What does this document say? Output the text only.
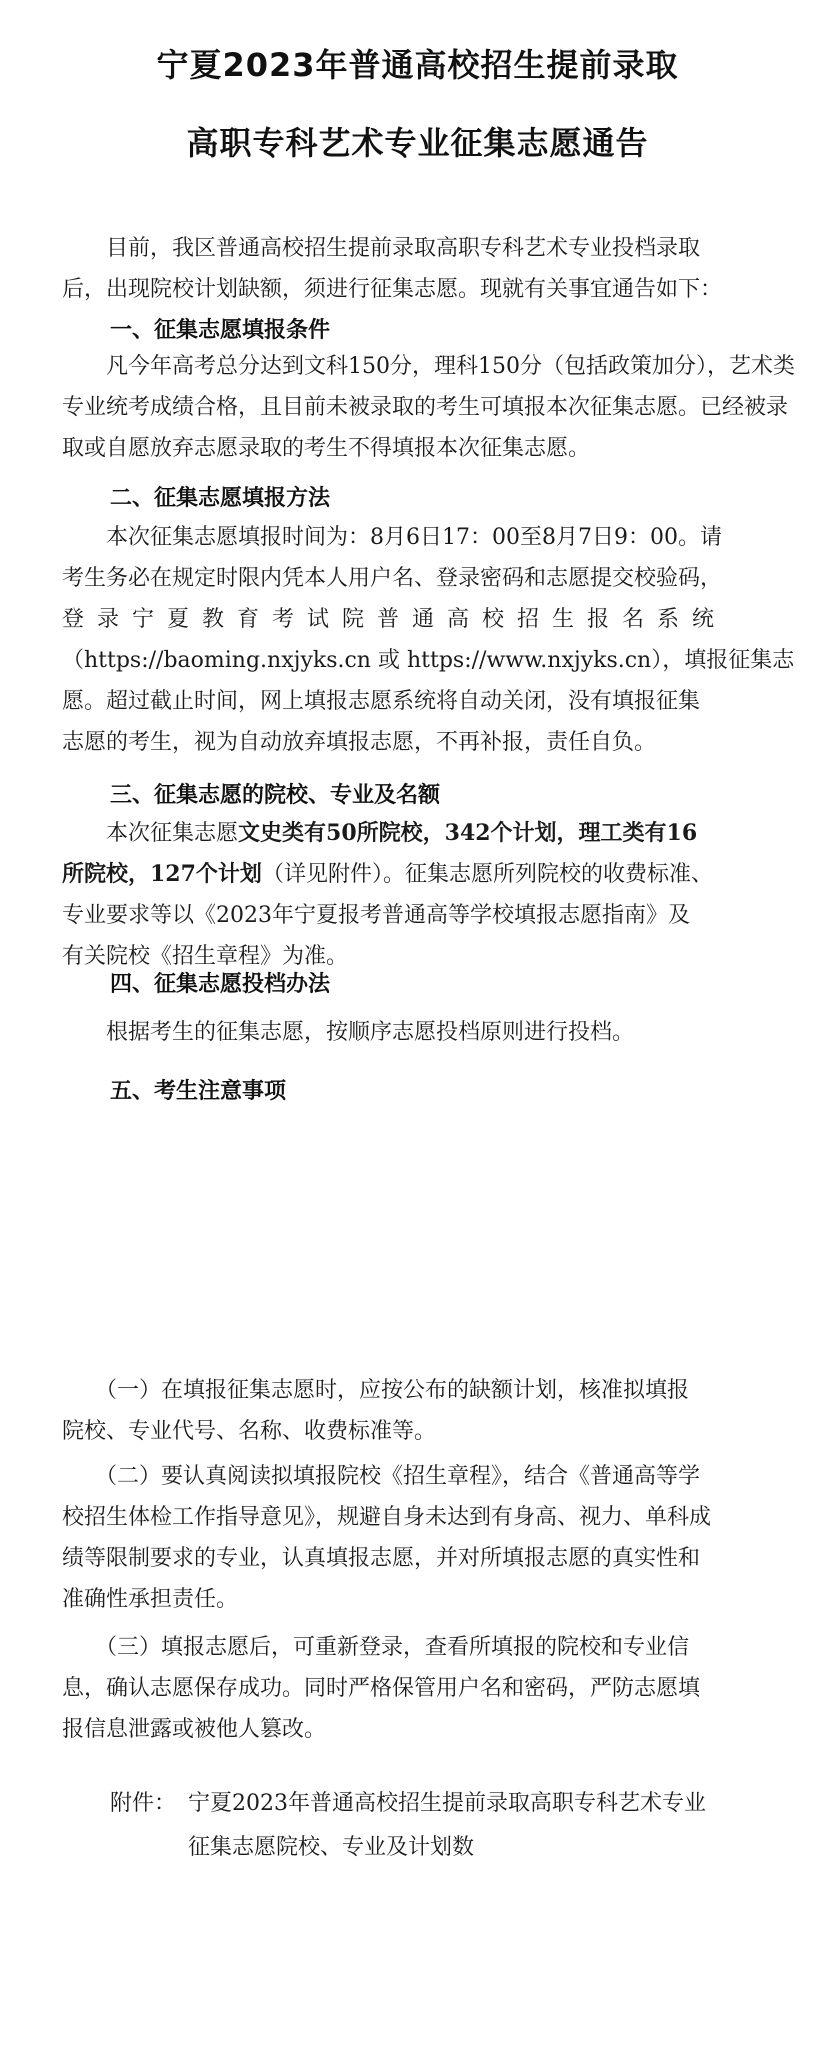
宁夏2023年普通高校招生提前录取
高职专科艺术专业征集志愿通告
　　目前，我区普通高校招生提前录取高职专科艺术专业投档录取
后，出现院校计划缺额，须进行征集志愿。现就有关事宜通告如下：
一、征集志愿填报条件
　　凡今年高考总分达到文科150分，理科150分（包括政策加分），艺术类
专业统考成绩合格，且目前未被录取的考生可填报本次征集志愿。已经被录
取或自愿放弃志愿录取的考生不得填报本次征集志愿。
二、征集志愿填报方法
　　本次征集志愿填报时间为：8月6日17：00至8月7日9：00。请
考生务必在规定时限内凭本人用户名、登录密码和志愿提交校验码，
登录宁夏教育考试院普通高校招生报名系统
（https://baoming.nxjyks.cn 或 https://www.nxjyks.cn），填报征集志
愿。超过截止时间，网上填报志愿系统将自动关闭，没有填报征集
志愿的考生，视为自动放弃填报志愿，不再补报，责任自负。
三、征集志愿的院校、专业及名额
　　本次征集志愿文史类有50所院校，342个计划，理工类有16
所院校，127个计划（详见附件）。征集志愿所列院校的收费标准、
专业要求等以《2023年宁夏报考普通高等学校填报志愿指南》及
有关院校《招生章程》为准。
四、征集志愿投档办法
　　根据考生的征集志愿，按顺序志愿投档原则进行投档。
五、考生注意事项
　　（一）在填报征集志愿时，应按公布的缺额计划，核准拟填报
院校、专业代号、名称、收费标准等。
　　（二）要认真阅读拟填报院校《招生章程》，结合《普通高等学
校招生体检工作指导意见》，规避自身未达到有身高、视力、单科成
绩等限制要求的专业，认真填报志愿，并对所填报志愿的真实性和
准确性承担责任。
　　（三）填报志愿后，可重新登录，查看所填报的院校和专业信
息，确认志愿保存成功。同时严格保管用户名和密码，严防志愿填
报信息泄露或被他人篡改。
附件： 宁夏2023年普通高校招生提前录取高职专科艺术专业
征集志愿院校、专业及计划数
